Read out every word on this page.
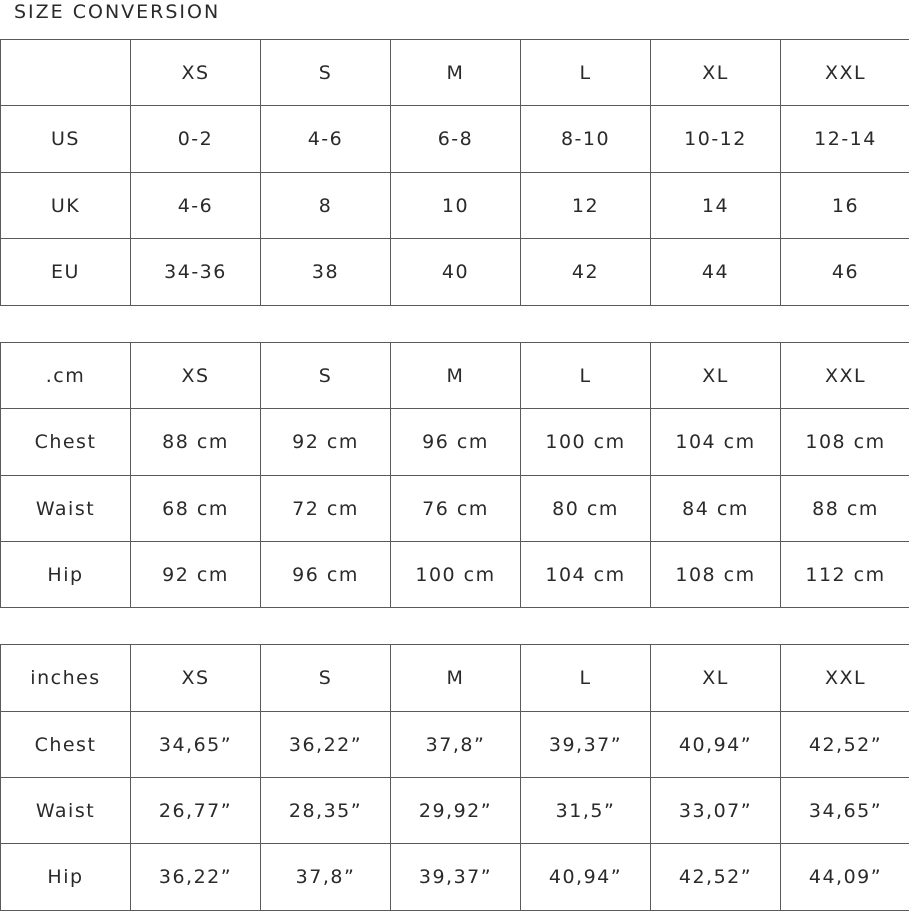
SIZE CONVERSION
	XS	S	M	L	XL	XXL
US	0-2	4-6	6-8	8-10	10-12	12-14
UK	4-6	8	10	12	14	16
EU	34-36	38	40	42	44	46
.cm	XS	S	M	L	XL	XXL
Chest	88 cm	92 cm	96 cm	100 cm	104 cm	108 cm
Waist	68 cm	72 cm	76 cm	80 cm	84 cm	88 cm
Hip	92 cm	96 cm	100 cm	104 cm	108 cm	112 cm
inches	XS	S	M	L	XL	XXL
Chest	34,65”	36,22”	37,8”	39,37”	40,94”	42,52”
Waist	26,77”	28,35”	29,92”	31,5”	33,07”	34,65”
Hip	36,22”	37,8”	39,37”	40,94”	42,52”	44,09”
